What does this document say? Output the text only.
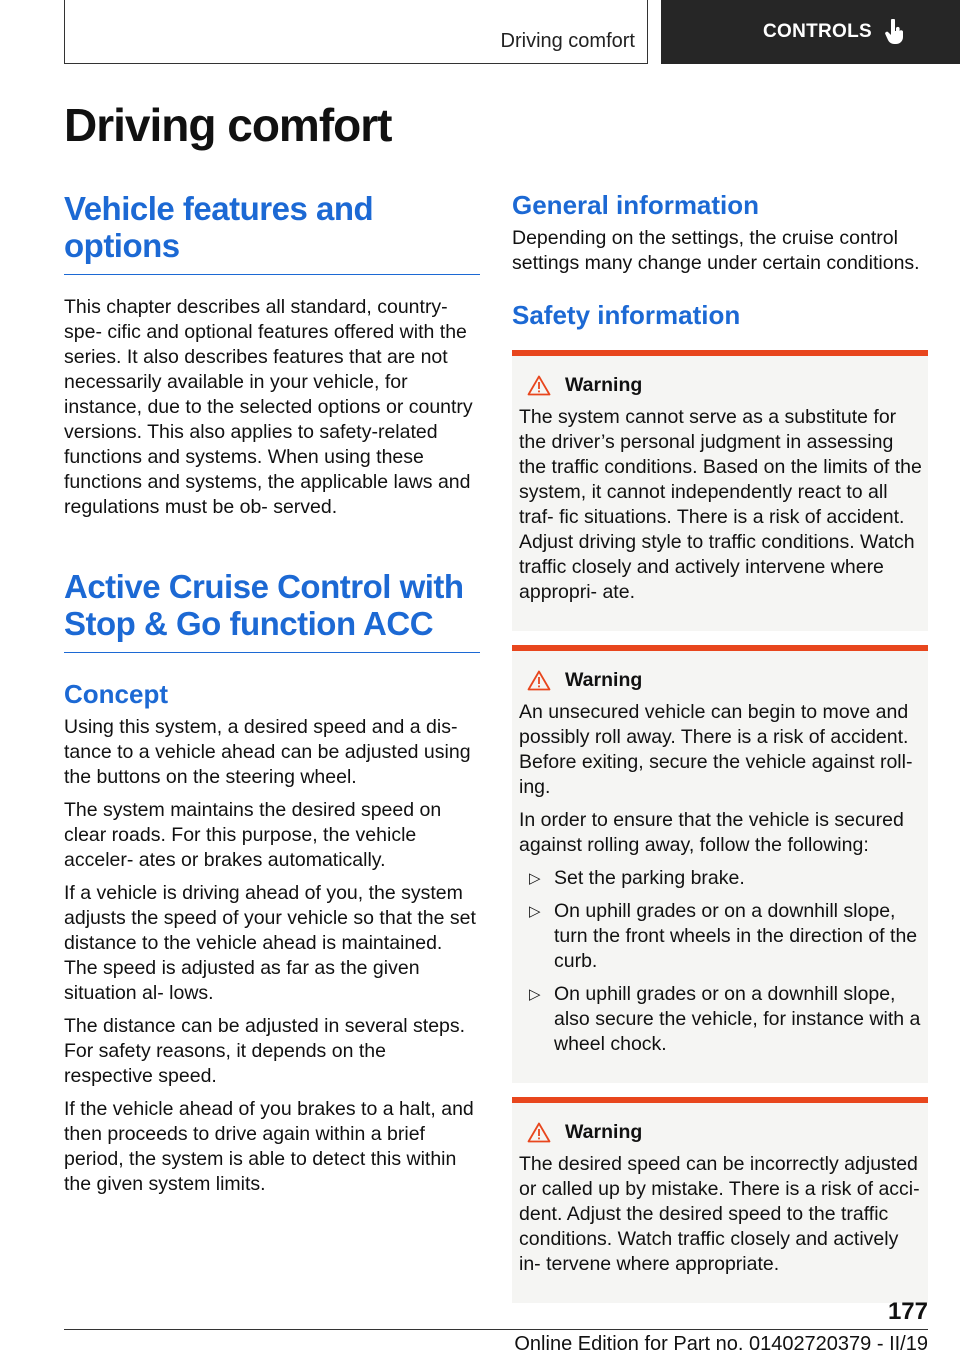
Driving comfort	CONTROLS
Driving comfort
Vehicle features and options

This chapter describes all standard, country-spe- cific and optional features offered with the series. It also describes features that are not necessarily available in your vehicle, for instance, due to the selected options or country versions. This also applies to safety-related functions and systems. When using these functions and systems, the applicable laws and regulations must be ob- served.

Active Cruise Control with Stop & Go function ACC
Concept

Using this system, a desired speed and a dis- tance to a vehicle ahead can be adjusted using the buttons on the steering wheel.

The system maintains the desired speed on clear roads. For this purpose, the vehicle acceler- ates or brakes automatically.

If a vehicle is driving ahead of you, the system adjusts the speed of your vehicle so that the set distance to the vehicle ahead is maintained. The speed is adjusted as far as the given situation al- lows.

The distance can be adjusted in several steps. For safety reasons, it depends on the respective speed.

If the vehicle ahead of you brakes to a halt, and then proceeds to drive again within a brief period, the system is able to detect this within the given system limits.

General information

Depending on the settings, the cruise control settings many change under certain conditions.

Safety information
Warning

The system cannot serve as a substitute for the driver’s personal judgment in assessing the traffic conditions. Based on the limits of the system, it cannot independently react to all traf- fic situations. There is a risk of accident. Adjust driving style to traffic conditions. Watch traffic closely and actively intervene where appropri- ate.

Warning

An unsecured vehicle can begin to move and possibly roll away. There is a risk of accident. Before exiting, secure the vehicle against roll- ing.

In order to ensure that the vehicle is secured against rolling away, follow the following:

▷ Set the parking brake.
▷ On uphill grades or on a downhill slope, turn the front wheels in the direction of the curb.
▷ On uphill grades or on a downhill slope, also secure the vehicle, for instance with a wheel chock.
Warning

The desired speed can be incorrectly adjusted or called up by mistake. There is a risk of acci- dent. Adjust the desired speed to the traffic conditions. Watch traffic closely and actively in- tervene where appropriate.

177
Online Edition for Part no. 01402720379 - II/19
